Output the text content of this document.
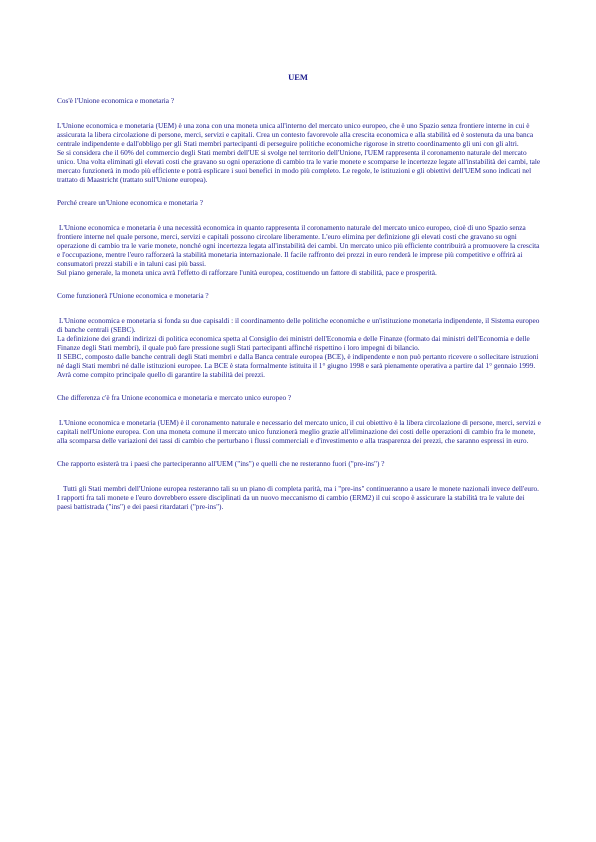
UEM

Cos'è l'Unione economica e monetaria ?

L'Unione economica e monetaria (UEM) è una zona con una moneta unica all'interno del mercato unico europeo, che è uno Spazio senza frontiere interne in cui è assicurata la libera circolazione di persone, merci, servizi e capitali. Crea un contesto favorevole alla crescita economica e alla stabilità ed è sostenuta da una banca centrale indipendente e dall'obbligo per gli Stati membri partecipanti di perseguire politiche economiche rigorose in stretto coordinamento gli uni con gli altri.

Se si considera che il 60% del commercio degli Stati membri dell'UE si svolge nel territorio dell'Unione, l'UEM rappresenta il coronamento naturale del mercato unico. Una volta eliminati gli elevati costi che gravano su ogni operazione di cambio tra le varie monete e scomparse le incertezze legate all'instabilità dei cambi, tale mercato funzionerà in modo più efficiente e potrà esplicare i suoi benefici in modo più completo. Le regole, le istituzioni e gli obiettivi dell'UEM sono indicati nel trattato di Maastricht (trattato sull'Unione europea).

Perché creare un'Unione economica e monetaria ?

L'Unione economica e monetaria è una necessità economica in quanto rappresenta il coronamento naturale del mercato unico europeo, cioè di uno Spazio senza frontiere interne nel quale persone, merci, servizi e capitali possono circolare liberamente. L'euro elimina per definizione gli elevati costi che gravano su ogni operazione di cambio tra le varie monete, nonché ogni incertezza legata all'instabilità dei cambi. Un mercato unico più efficiente contribuirà a promuovere la crescita e l'occupazione, mentre l'euro rafforzerà la stabilità monetaria internazionale. Il facile raffronto dei prezzi in euro renderà le imprese più competitive e offrirà ai consumatori prezzi stabili e in taluni casi più bassi.

Sul piano generale, la moneta unica avrà l'effetto di rafforzare l'unità europea, costituendo un fattore di stabilità, pace e prosperità.

Come funzionerà l'Unione economica e monetaria ?

L'Unione economica e monetaria si fonda su due capisaldi : il coordinamento delle politiche economiche e un'istituzione monetaria indipendente, il Sistema europeo di banche centrali (SEBC).

La definizione dei grandi indirizzi di politica economica spetta al Consiglio dei ministri dell'Economia e delle Finanze (formato dai ministri dell'Economia e delle Finanze degli Stati membri), il quale può fare pressione sugli Stati partecipanti affinché rispettino i loro impegni di bilancio.

Il SEBC, composto dalle banche centrali degli Stati membri e dalla Banca centrale europea (BCE), è indipendente e non può pertanto ricevere o sollecitare istruzioni né dagli Stati membri né dalle istituzioni europee. La BCE è stata formalmente istituita il 1° giugno 1998 e sarà pienamente operativa a partire dal 1° gennaio 1999. Avrà come compito principale quello di garantire la stabilità dei prezzi.

Che differenza c'è fra Unione economica e monetaria e mercato unico europeo ?

L'Unione economica e monetaria (UEM) è il coronamento naturale e necessario del mercato unico, il cui obiettivo è la libera circolazione di persone, merci, servizi e capitali nell'Unione europea. Con una moneta comune il mercato unico funzionerà meglio grazie all'eliminazione dei costi delle operazioni di cambio fra le monete, alla scomparsa delle variazioni dei tassi di cambio che perturbano i flussi commerciali e d'investimento e alla trasparenza dei prezzi, che saranno espressi in euro.

Che rapporto esisterà tra i paesi che parteciperanno all'UEM ("ins") e quelli che ne resteranno fuori ("pre-ins") ?

Tutti gli Stati membri dell'Unione europea resteranno tali su un piano di completa parità, ma i "pre-ins" continueranno a usare le monete nazionali invece dell'euro. I rapporti fra tali monete e l'euro dovrebbero essere disciplinati da un nuovo meccanismo di cambio (ERM2) il cui scopo è assicurare la stabilità tra le valute dei paesi battistrada ("ins") e dei paesi ritardatari ("pre-ins").
